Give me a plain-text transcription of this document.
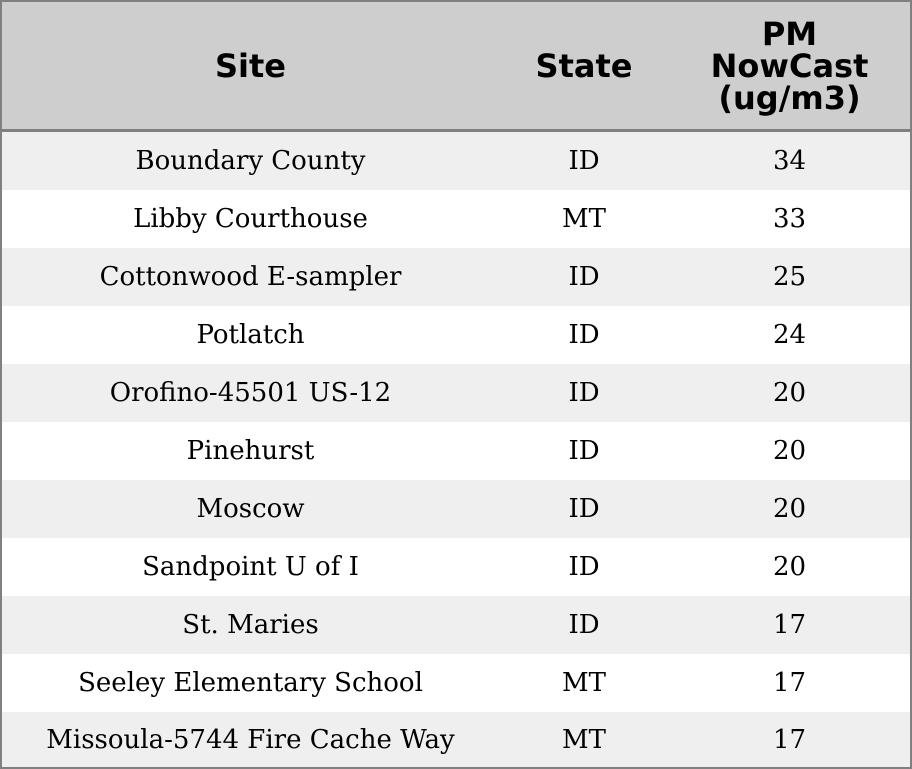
Site	State	PM
NowCast
(ug/m3)

Boundary County	ID	34
Libby Courthouse	MT	33
Cottonwood E-sampler	ID	25
Potlatch	ID	24
Orofino-45501 US-12	ID	20
Pinehurst	ID	20
Moscow	ID	20
Sandpoint U of I	ID	20
St. Maries	ID	17
Seeley Elementary School	MT	17
Missoula-5744 Fire Cache Way	MT	17
